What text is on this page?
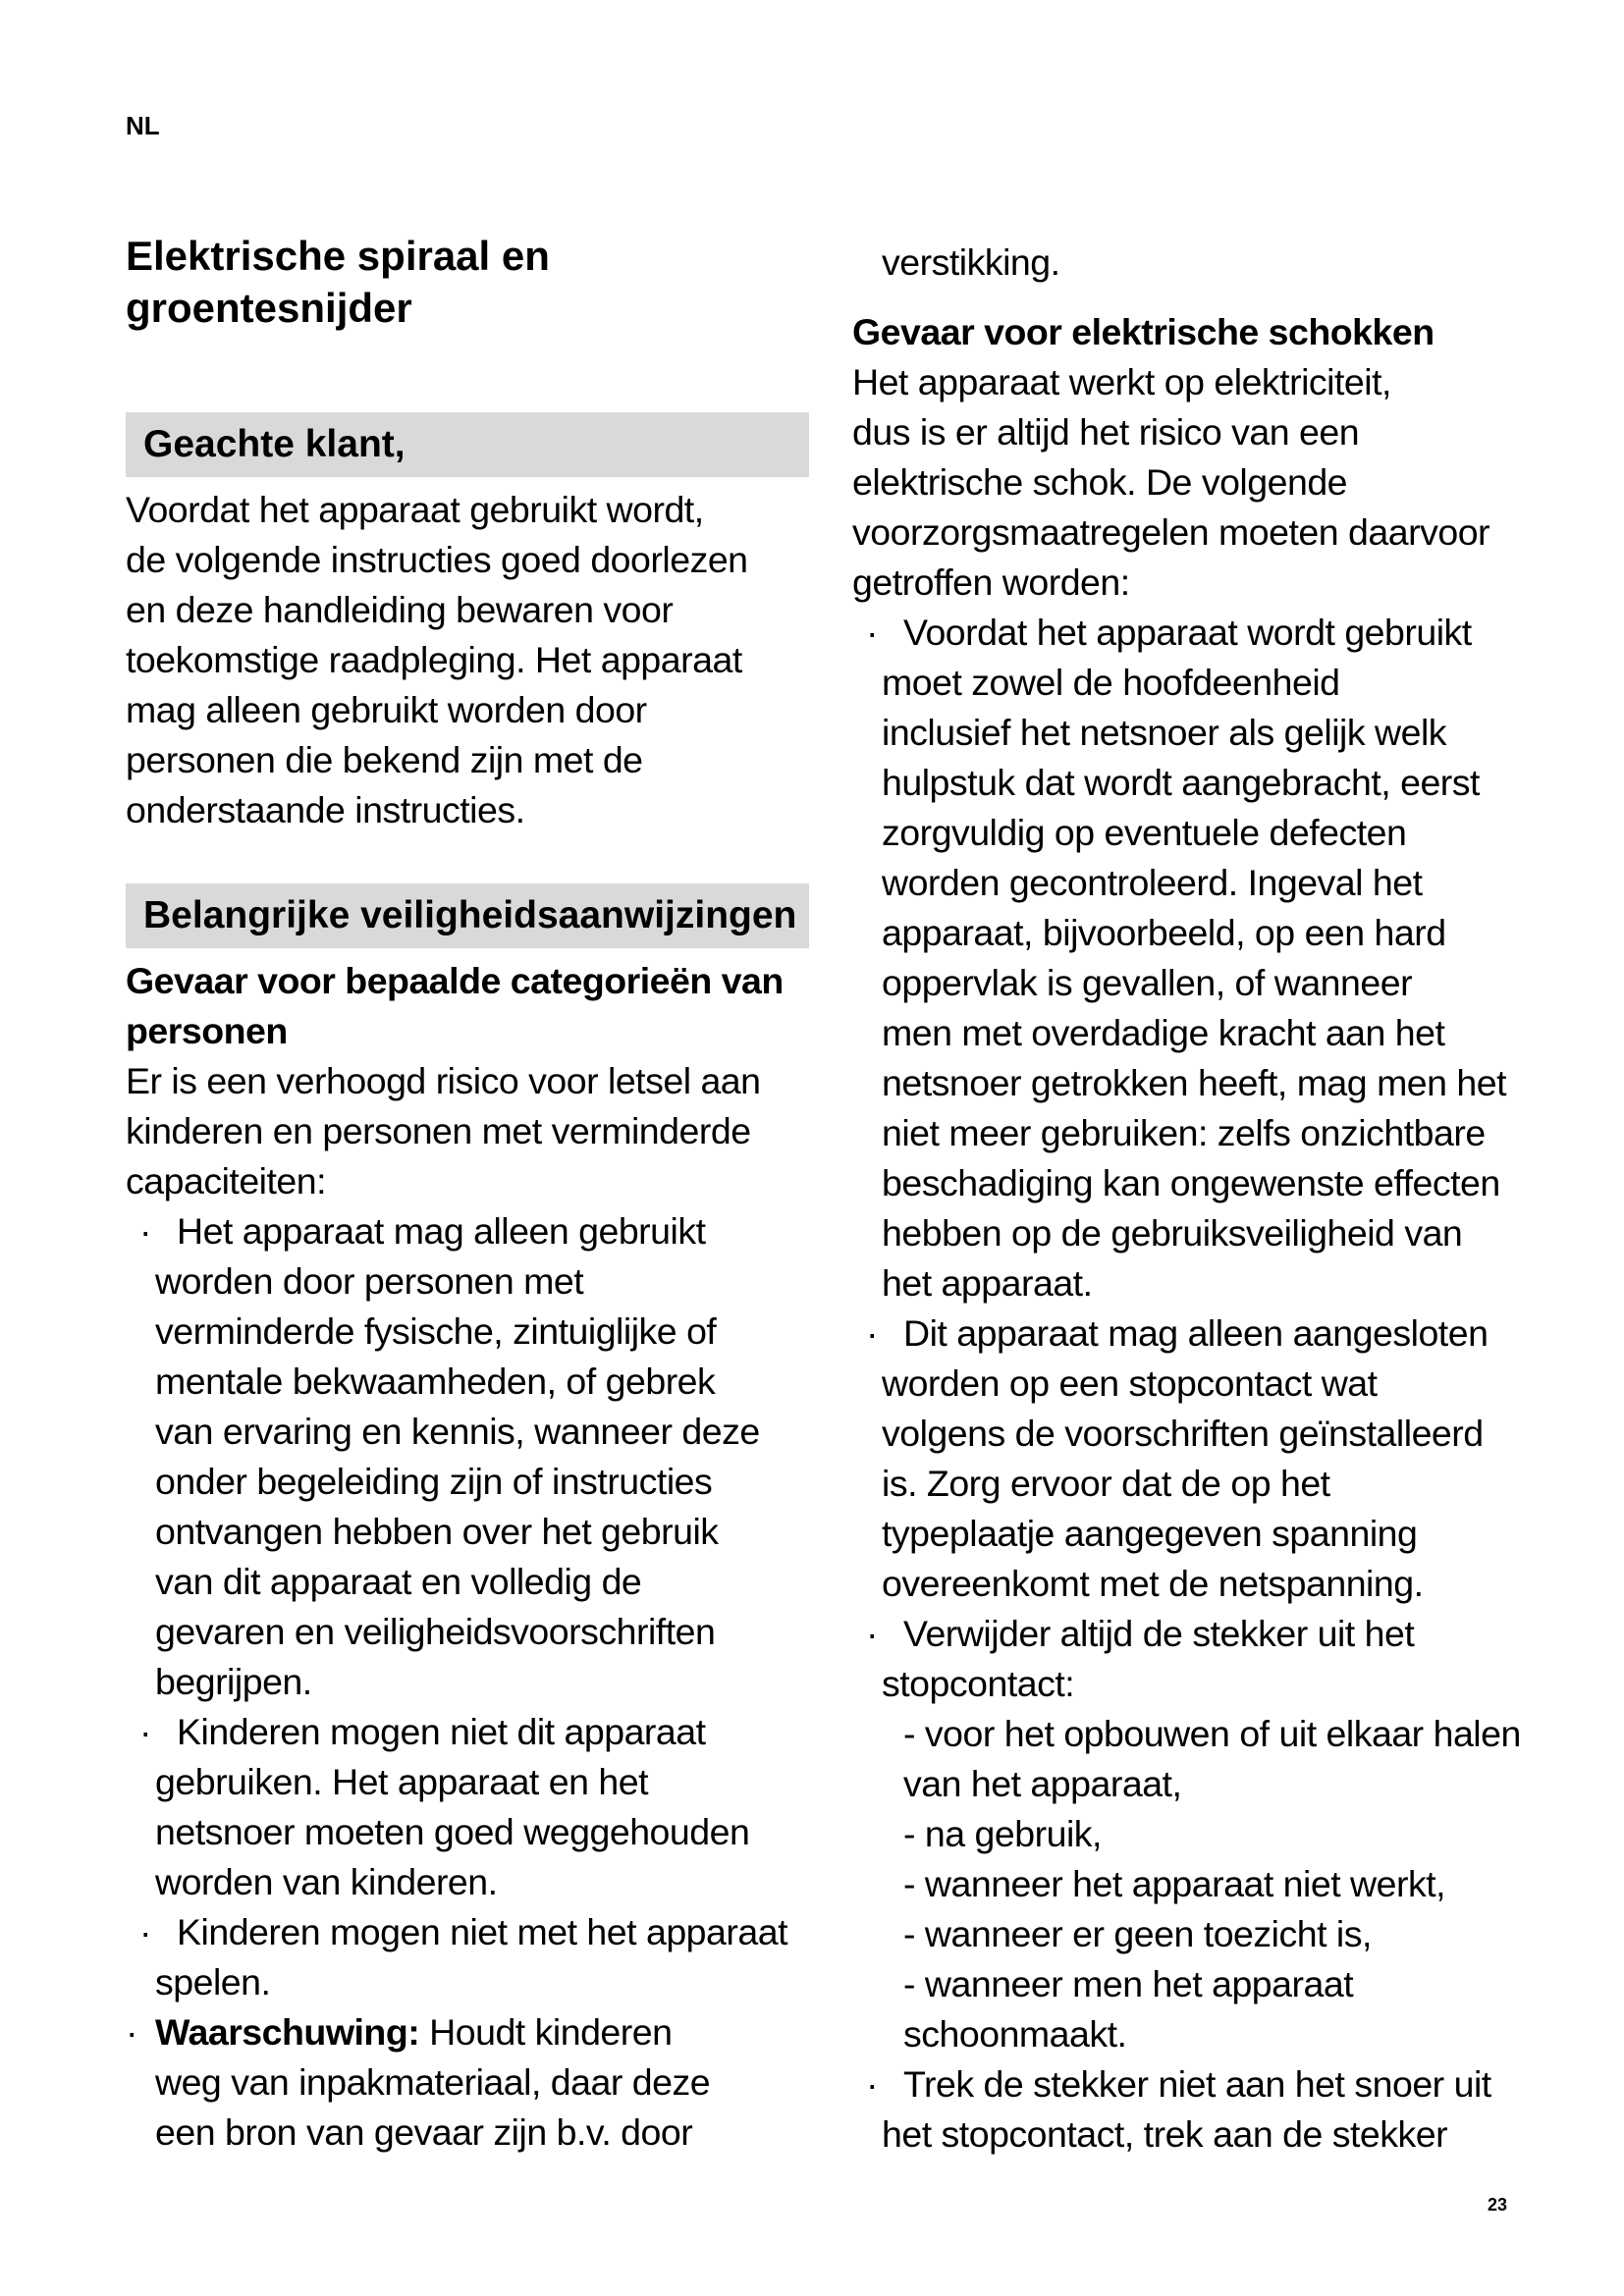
NL
Elektrische spiraal en
groentesnijder
Geachte klant,
Voordat het apparaat gebruikt wordt,
de volgende instructies goed doorlezen
en deze handleiding bewaren voor
toekomstige raadpleging. Het apparaat
mag alleen gebruikt worden door
personen die bekend zijn met de
onderstaande instructies.
Belangrijke veiligheidsaanwijzingen
Gevaar voor bepaalde categorieën van
personen
Er is een verhoogd risico voor letsel aan
kinderen en personen met verminderde
capaciteiten:
· Het apparaat mag alleen gebruikt
worden door personen met
verminderde fysische, zintuiglijke of
mentale bekwaamheden, of gebrek
van ervaring en kennis, wanneer deze
onder begeleiding zijn of instructies
ontvangen hebben over het gebruik
van dit apparaat en volledig de
gevaren en veiligheidsvoorschriften
begrijpen.
· Kinderen mogen niet dit apparaat
gebruiken. Het apparaat en het
netsnoer moeten goed weggehouden
worden van kinderen.
· Kinderen mogen niet met het apparaat
spelen.
· Waarschuwing: Houdt kinderen
weg van inpakmateriaal, daar deze
een bron van gevaar zijn b.v. door
verstikking.
Gevaar voor elektrische schokken
Het apparaat werkt op elektriciteit,
dus is er altijd het risico van een
elektrische schok. De volgende
voorzorgsmaatregelen moeten daarvoor
getroffen worden:
· Voordat het apparaat wordt gebruikt
moet zowel de hoofdeenheid
inclusief het netsnoer als gelijk welk
hulpstuk dat wordt aangebracht, eerst
zorgvuldig op eventuele defecten
worden gecontroleerd. Ingeval het
apparaat, bijvoorbeeld, op een hard
oppervlak is gevallen, of wanneer
men met overdadige kracht aan het
netsnoer getrokken heeft, mag men het
niet meer gebruiken: zelfs onzichtbare
beschadiging kan ongewenste effecten
hebben op de gebruiksveiligheid van
het apparaat.
· Dit apparaat mag alleen aangesloten
worden op een stopcontact wat
volgens de voorschriften geïnstalleerd
is. Zorg ervoor dat de op het
typeplaatje aangegeven spanning
overeenkomt met de netspanning.
· Verwijder altijd de stekker uit het
stopcontact:
- voor het opbouwen of uit elkaar halen
van het apparaat,
- na gebruik,
- wanneer het apparaat niet werkt,
- wanneer er geen toezicht is,
- wanneer men het apparaat
schoonmaakt.
· Trek de stekker niet aan het snoer uit
het stopcontact, trek aan de stekker
23
